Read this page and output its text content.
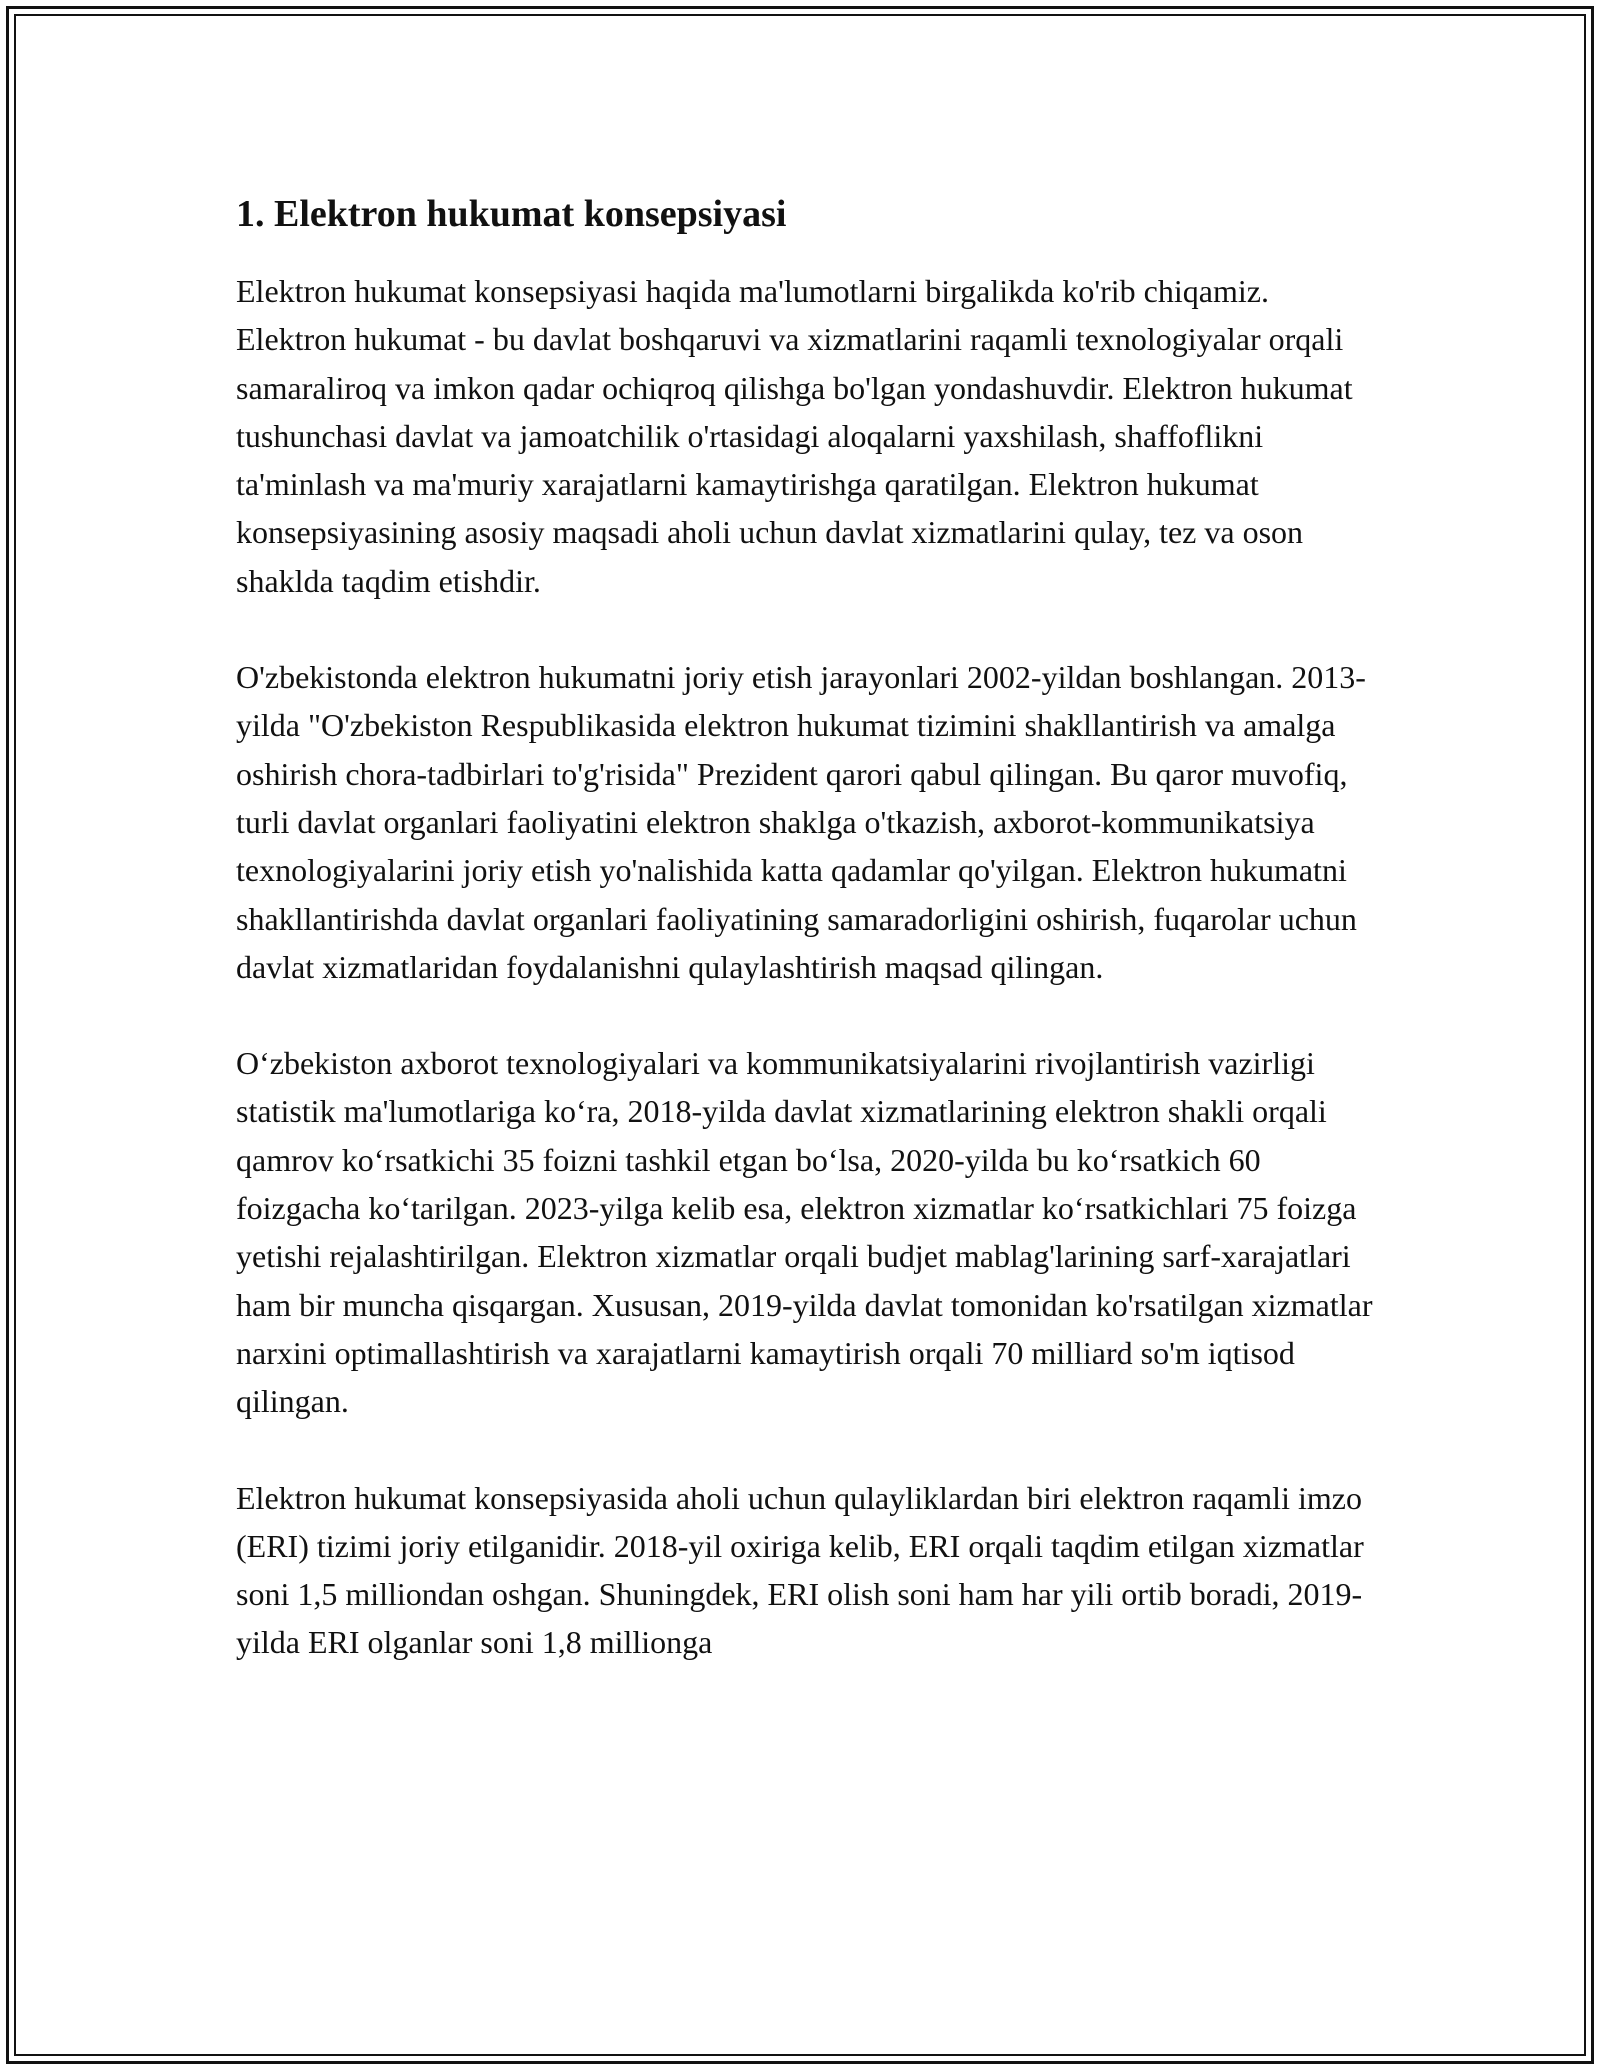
1. Elektron hukumat konsepsiyasi

Elektron hukumat konsepsiyasi haqida ma'lumotlarni birgalikda ko'rib chiqamiz. Elektron hukumat - bu davlat boshqaruvi va xizmatlarini raqamli texnologiyalar orqali samaraliroq va imkon qadar ochiqroq qilishga bo'lgan yondashuvdir. Elektron hukumat tushunchasi davlat va jamoatchilik o'rtasidagi aloqalarni yaxshilash, shaffoflikni ta'minlash va ma'muriy xarajatlarni kamaytirishga qaratilgan. Elektron hukumat konsepsiyasining asosiy maqsadi aholi uchun davlat xizmatlarini qulay, tez va oson shaklda taqdim etishdir.

O'zbekistonda elektron hukumatni joriy etish jarayonlari 2002-yildan boshlangan. 2013-yilda "O'zbekiston Respublikasida elektron hukumat tizimini shakllantirish va amalga oshirish chora-tadbirlari to'g'risida" Prezident qarori qabul qilingan. Bu qaror muvofiq, turli davlat organlari faoliyatini elektron shaklga o'tkazish, axborot-kommunikatsiya texnologiyalarini joriy etish yo'nalishida katta qadamlar qo'yilgan. Elektron hukumatni shakllantirishda davlat organlari faoliyatining samaradorligini oshirish, fuqarolar uchun davlat xizmatlaridan foydalanishni qulaylashtirish maqsad qilingan.

O‘zbekiston axborot texnologiyalari va kommunikatsiyalarini rivojlantirish vazirligi statistik ma'lumotlariga ko‘ra, 2018-yilda davlat xizmatlarining elektron shakli orqali qamrov ko‘rsatkichi 35 foizni tashkil etgan bo‘lsa, 2020-yilda bu ko‘rsatkich 60 foizgacha ko‘tarilgan. 2023-yilga kelib esa, elektron xizmatlar ko‘rsatkichlari 75 foizga yetishi rejalashtirilgan. Elektron xizmatlar orqali budjet mablag'larining sarf-xarajatlari ham bir muncha qisqargan. Xususan, 2019-yilda davlat tomonidan ko'rsatilgan xizmatlar narxini optimallashtirish va xarajatlarni kamaytirish orqali 70 milliard so'm iqtisod qilingan.

Elektron hukumat konsepsiyasida aholi uchun qulayliklardan biri elektron raqamli imzo (ERI) tizimi joriy etilganidir. 2018-yil oxiriga kelib, ERI orqali taqdim etilgan xizmatlar soni 1,5 milliondan oshgan. Shuningdek, ERI olish soni ham har yili ortib boradi, 2019-yilda ERI olganlar soni 1,8 millionga
